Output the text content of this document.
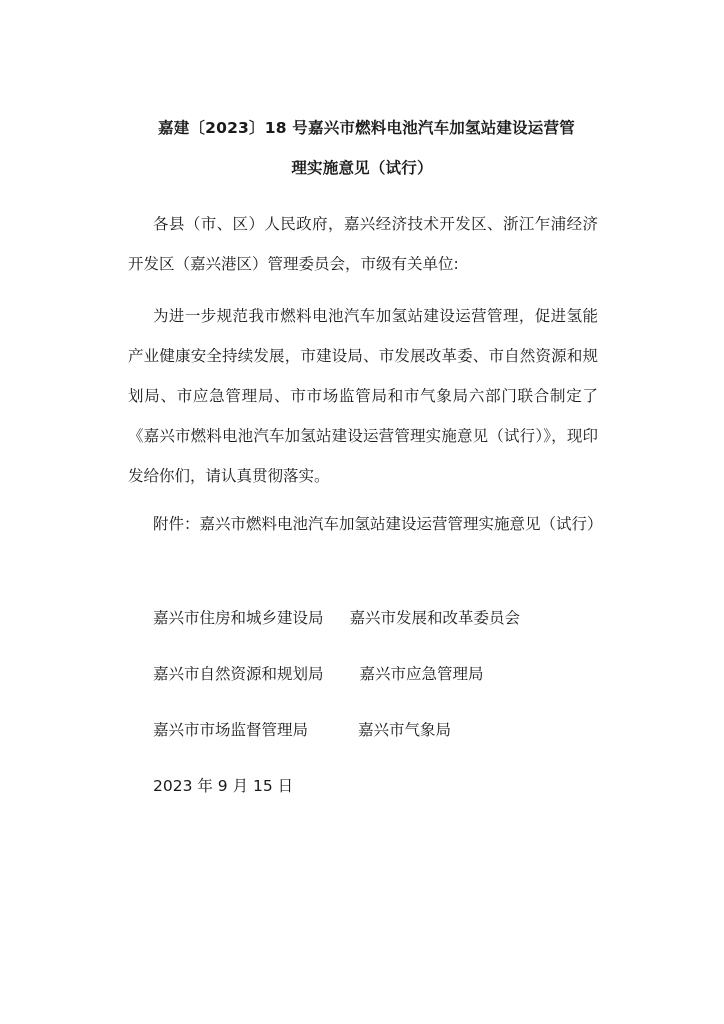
嘉建〔2023〕18 号嘉兴市燃料电池汽车加氢站建设运营管
理实施意见（试行）

各县（市、区）人民政府，嘉兴经济技术开发区、浙江乍浦经济开发区（嘉兴港区）管理委员会，市级有关单位:

为进一步规范我市燃料电池汽车加氢站建设运营管理，促进氢能产业健康安全持续发展，市建设局、市发展改革委、市自然资源和规划局、市应急管理局、市市场监管局和市气象局六部门联合制定了《嘉兴市燃料电池汽车加氢站建设运营管理实施意见（试行）》，现印发给你们，请认真贯彻落实。

附件：嘉兴市燃料电池汽车加氢站建设运营管理实施意见（试行）

嘉兴市住房和城乡建设局 嘉兴市发展和改革委员会
嘉兴市自然资源和规划局 嘉兴市应急管理局
嘉兴市市场监督管理局	嘉兴市气象局
2023 年 9 月 15 日
